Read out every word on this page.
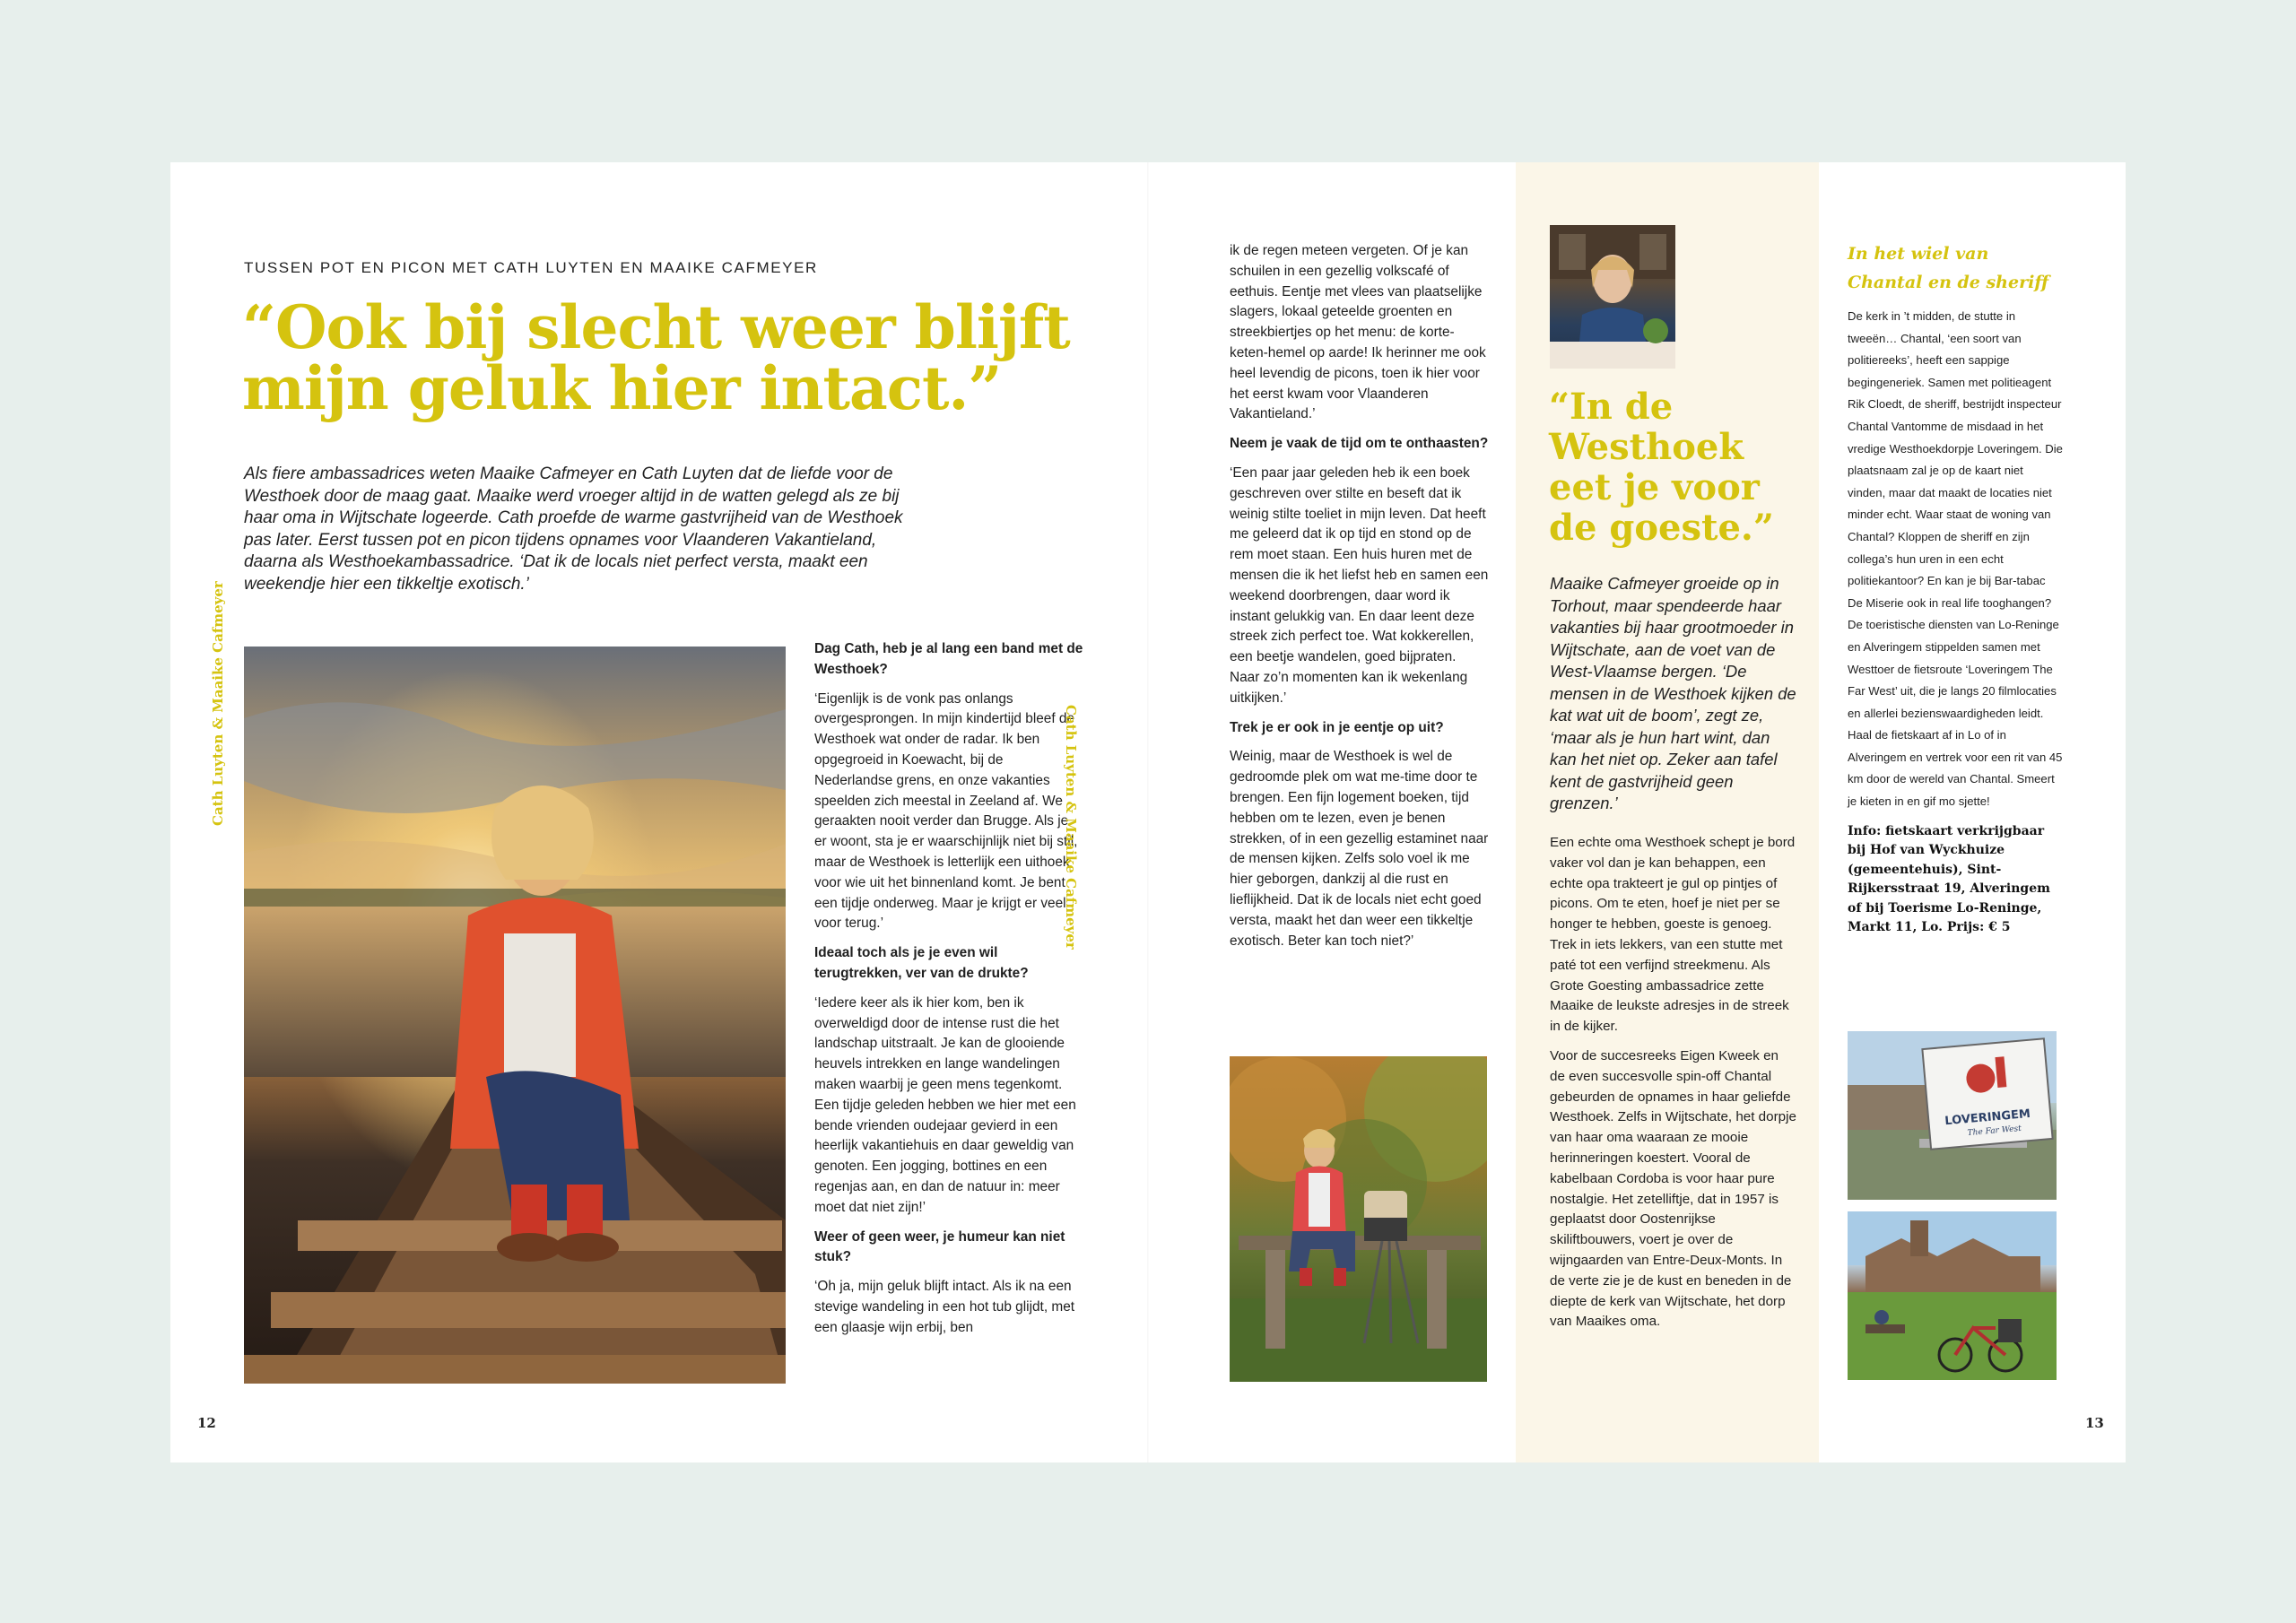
TUSSEN POT EN PICON MET CATH LUYTEN EN MAAIKE CAFMEYER
“Ook bij slecht weer blijft
mijn geluk hier intact.”
Als fiere ambassadrices weten Maaike Cafmeyer en Cath Luyten dat de liefde voor de Westhoek door de maag gaat. Maaike werd vroeger altijd in de watten gelegd als ze bij haar oma in Wijtschate logeerde. Cath proefde de warme gastvrijheid van de Westhoek pas later. Eerst tussen pot en picon tijdens opnames voor Vlaanderen Vakantieland, daarna als Westhoekambassadrice. ‘Dat ik de locals niet perfect versta, maakt een weekendje hier een tikkeltje exotisch.’
Cath Luyten & Maaike Cafmeyer	Dag Cath, heb je al lang een band met de Westhoek?

‘Eigenlijk is de vonk pas onlangs overgesprongen. In mijn kindertijd bleef de Westhoek wat onder de radar. Ik ben opgegroeid in Koewacht, bij de Nederlandse grens, en onze vakanties speelden zich meestal in Zeeland af. We geraakten nooit verder dan Brugge. Als je er woont, sta je er waarschijnlijk niet bij stil, maar de Westhoek is letterlijk een uithoek voor wie uit het binnenland komt. Je bent een tijdje onderweg. Maar je krijgt er veel voor terug.’

Ideaal toch als je je even wil terugtrekken, ver van de drukte?

‘Iedere keer als ik hier kom, ben ik overweldigd door de intense rust die het landschap uitstraalt. Je kan de glooiende heuvels intrekken en lange wandelingen maken waarbij je geen mens tegenkomt. Een tijdje geleden hebben we hier met een bende vrienden oudejaar gevierd in een heerlijk vakantiehuis en daar geweldig van genoten. Een jogging, bottines en een regenjas aan, en dan de natuur in: meer moet dat niet zijn!’

Weer of geen weer, je humeur kan niet stuk?

‘Oh ja, mijn geluk blijft intact. Als ik na een stevige wandeling in een hot tub glijdt, met een glaasje wijn erbij, ben

12

ik de regen meteen vergeten. Of je kan schuilen in een gezellig volkscafé of eethuis. Eentje met vlees van plaatselijke slagers, lokaal geteelde groenten en streekbiertjes op het menu: de korte-keten-hemel op aarde! Ik herinner me ook heel levendig de picons, toen ik hier voor het eerst kwam voor Vlaanderen Vakantieland.’

Neem je vaak de tijd om te onthaasten?

‘Een paar jaar geleden heb ik een boek geschreven over stilte en beseft dat ik weinig stilte toeliet in mijn leven. Dat heeft me geleerd dat ik op tijd en stond op de rem moet staan. Een huis huren met de mensen die ik het liefst heb en samen een weekend doorbrengen, daar word ik instant gelukkig van. En daar leent deze streek zich perfect toe. Wat kokkerellen, een beetje wandelen, goed bijpraten. Naar zo’n momenten kan ik wekenlang uitkijken.’

Trek je er ook in je eentje op uit?

Weinig, maar de Westhoek is wel de gedroomde plek om wat me-time door te brengen. Een fijn logement boeken, tijd hebben om te lezen, even je benen strekken, of in een gezellig estaminet naar de mensen kijken. Zelfs solo voel ik me hier geborgen, dankzij al die rust en lieflijkheid. Dat ik de locals niet echt goed versta, maakt het dan weer een tikkeltje exotisch. Beter kan toch niet?’

“In de Westhoek eet je voor de goeste.”
Maaike Cafmeyer groeide op in Torhout, maar spendeerde haar vakanties bij haar grootmoeder in Wijtschate, aan de voet van de West-Vlaamse bergen. ‘De mensen in de Westhoek kijken de kat wat uit de boom’, zegt ze, ‘maar als je hun hart wint, dan kan het niet op. Zeker aan tafel kent de gastvrijheid geen grenzen.’

Een echte oma Westhoek schept je bord vaker vol dan je kan behappen, een echte opa trakteert je gul op pintjes of picons. Om te eten, hoef je niet per se honger te hebben, goeste is genoeg. Trek in iets lekkers, van een stutte met paté tot een verfijnd streekmenu. Als Grote Goesting ambassadrice zette Maaike de leukste adresjes in de streek in de kijker.

Voor de succesreeks Eigen Kweek en de even succesvolle spin-off Chantal gebeurden de opnames in haar geliefde Westhoek. Zelfs in Wijtschate, het dorpje van haar oma waaraan ze mooie herinneringen koestert. Vooral de kabelbaan Cordoba is voor haar pure nostalgie. Het zetelliftje, dat in 1957 is geplaatst door Oostenrijkse skiliftbouwers, voert je over de wijngaarden van Entre-Deux-Monts. In de verte zie je de kust en beneden in de diepte de kerk van Wijtschate, het dorp van Maaikes oma.

In het wiel van
Chantal en de sheriff

De kerk in ’t midden, de stutte in tweeën… Chantal, ‘een soort van politiereeks’, heeft een sappige begingeneriek. Samen met politieagent Rik Cloedt, de sheriff, bestrijdt inspecteur Chantal Vantomme de misdaad in het vredige Westhoekdorpje Loveringem. Die plaatsnaam zal je op de kaart niet vinden, maar dat maakt de locaties niet minder echt. Waar staat de woning van Chantal? Kloppen de sheriff en zijn collega’s hun uren in een echt politiekantoor? En kan je bij Bar-tabac De Miserie ook in real life tooghangen? De toeristische diensten van Lo-Reninge en Alveringem stippelden samen met Westtoer de fietsroute ‘Loveringem The Far West’ uit, die je langs 20 filmlocaties en allerlei bezienswaardigheden leidt. Haal de fietskaart af in Lo of in Alveringem en vertrek voor een rit van 45 km door de wereld van Chantal. Smeert je kieten in en gif mo sjette!

Info: fietskaart verkrijgbaar bij Hof van Wyckhuize (gemeentehuis), Sint-Rijkersstraat 19, Alveringem of bij Toerisme Lo-Reninge, Markt 11, Lo. Prijs: € 5
LOVERINGEM
The Far West
Cath Luyten & Maaike Cafmeyer
13
